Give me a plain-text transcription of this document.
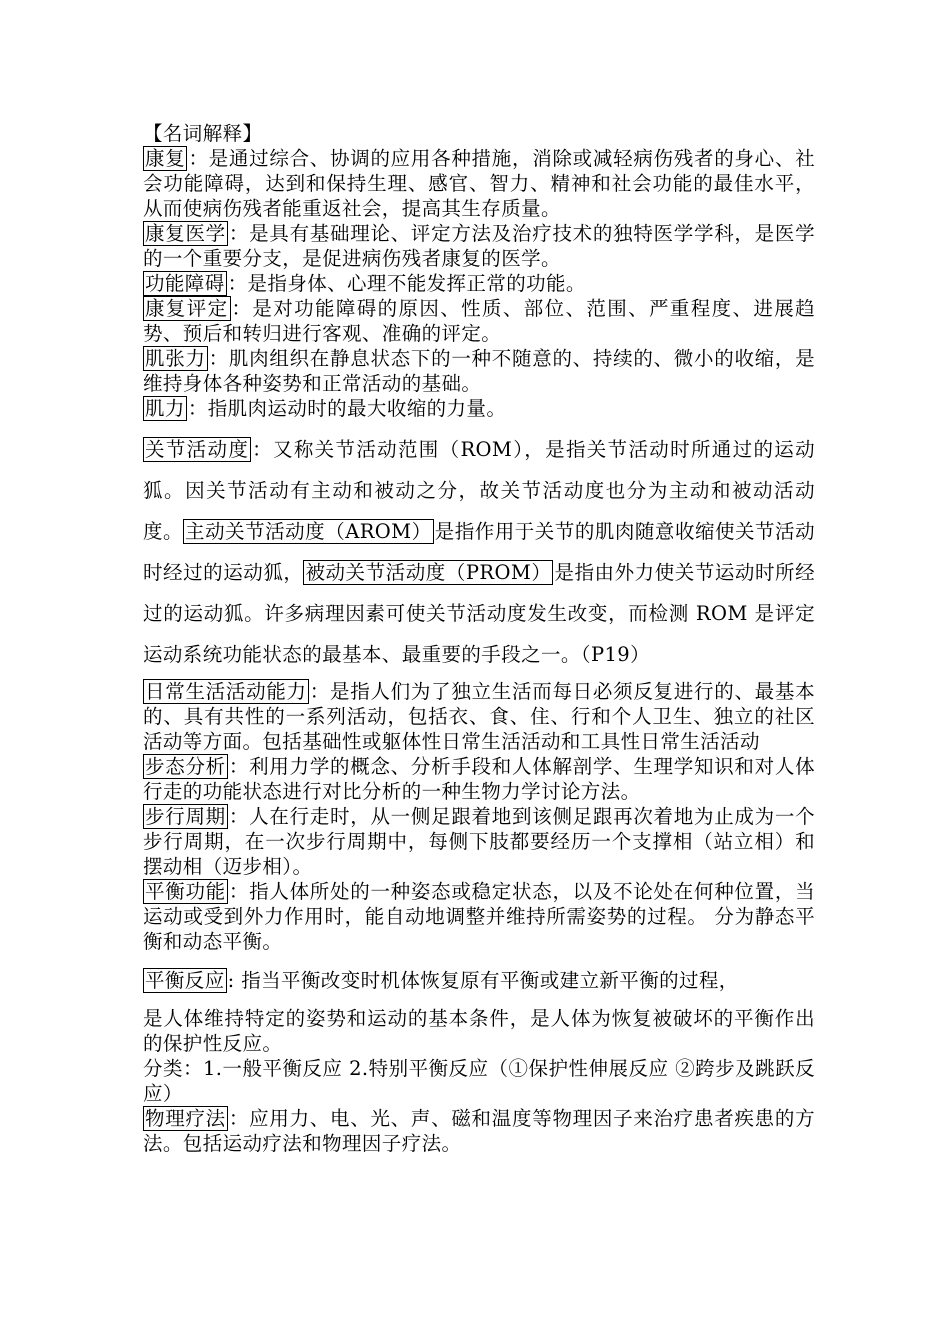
【名词解释】

康复 ：是通过综合、协调的应用各种措施，消除或减轻病伤残者的身心、社会功能障碍，达到和保持生理、感官、智力、精神和社会功能的最佳水平，从而使病伤残者能重返社会，提高其生存质量。

康复医学 ：是具有基础理论、评定方法及治疗技术的独特医学学科，是医学的一个重要分支，是促进病伤残者康复的医学。

功能障碍 ：是指身体、心理不能发挥正常的功能。

康复评定 ：是对功能障碍的原因、性质、部位、范围、严重程度、进展趋势、预后和转归进行客观、准确的评定。

肌张力 ：肌肉组织在静息状态下的一种不随意的、持续的、微小的收缩，是维持身体各种姿势和正常活动的基础。

肌力 ：指肌肉运动时的最大收缩的力量。

关节活动度 ：又称关节活动范围（ROM），是指关节活动时所通过的运动狐。因关节活动有主动和被动之分，故关节活动度也分为主动和被动活动度。 主动关节活动度（AROM） 是指作用于关节的肌肉随意收缩使关节活动时经过的运动狐， 被动关节活动度（PROM） 是指由外力使关节运动时所经过的运动狐。许多病理因素可使关节活动度发生改变，而检测 ROM 是评定运动系统功能状态的最基本、最重要的手段之一。（P19）

日常生活活动能力 ：是指人们为了独立生活而每日必须反复进行的、最基本的、具有共性的一系列活动，包括衣、食、住、行和个人卫生、独立的社区活动等方面。包括基础性或躯体性日常生活活动和工具性日常生活活动

步态分析 ：利用力学的概念、分析手段和人体解剖学、生理学知识和对人体行走的功能状态进行对比分析的一种生物力学讨论方法。

步行周期 ：人在行走时，从一侧足跟着地到该侧足跟再次着地为止成为一个步行周期，在一次步行周期中，每侧下肢都要经历一个支撑相（站立相）和摆动相（迈步相）。

平衡功能 ：指人体所处的一种姿态或稳定状态，以及不论处在何种位置，当运动或受到外力作用时，能自动地调整并维持所需姿势的过程。 分为静态平衡和动态平衡。

平衡反应 : 指当平衡改变时机体恢复原有平衡或建立新平衡的过程，

是人体维持特定的姿势和运动的基本条件，是人体为恢复被破坏的平衡作出的保护性反应。

分类：1.一般平衡反应 2.特别平衡反应（①保护性伸展反应 ②跨步及跳跃反应）

物理疗法 ：应用力、电、光、声、磁和温度等物理因子来治疗患者疾患的方法。包括运动疗法和物理因子疗法。
